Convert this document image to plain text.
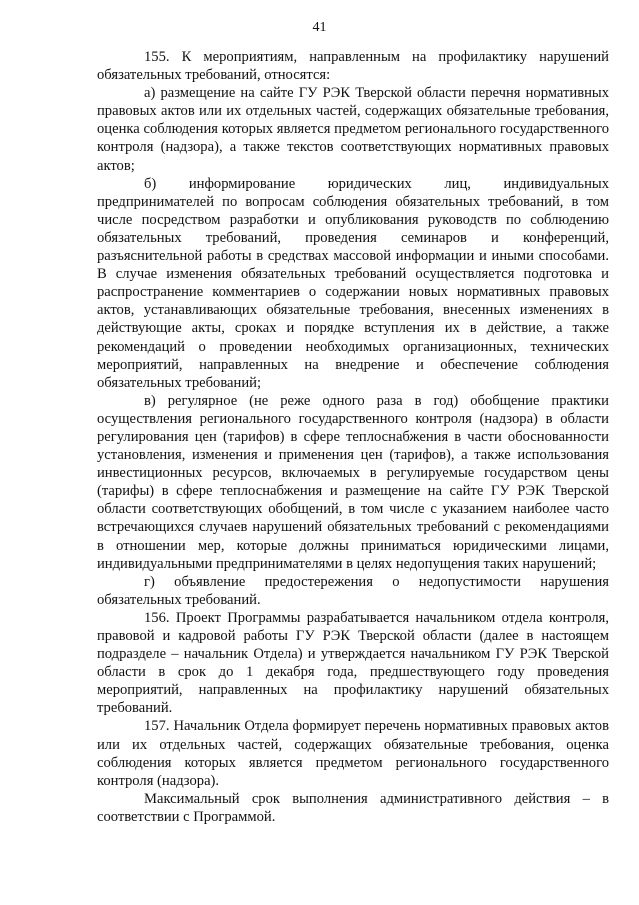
41

155. К мероприятиям, направленным на профилактику нарушений обязательных требований, относятся:

а) размещение на сайте ГУ РЭК Тверской области перечня нормативных правовых актов или их отдельных частей, содержащих обязательные требования, оценка соблюдения которых является предметом регионального государственного контроля (надзора), а также текстов соответствующих нормативных правовых актов;

б) информирование юридических лиц, индивидуальных предпринимателей по вопросам соблюдения обязательных требований, в том числе посредством разработки и опубликования руководств по соблюдению обязательных требований, проведения семинаров и конференций, разъяснительной работы в средствах массовой информации и иными способами. В случае изменения обязательных требований осуществляется подготовка и распространение комментариев о содержании новых нормативных правовых актов, устанавливающих обязательные требования, внесенных изменениях в действующие акты, сроках и порядке вступления их в действие, а также рекомендаций о проведении необходимых организационных, технических мероприятий, направленных на внедрение и обеспечение соблюдения обязательных требований;

в) регулярное (не реже одного раза в год) обобщение практики осуществления регионального государственного контроля (надзора) в области регулирования цен (тарифов) в сфере теплоснабжения в части обоснованности установления, изменения и применения цен (тарифов), а также использования инвестиционных ресурсов, включаемых в регулируемые государством цены (тарифы) в сфере теплоснабжения и размещение на сайте ГУ РЭК Тверской области соответствующих обобщений, в том числе с указанием наиболее часто встречающихся случаев нарушений обязательных требований с рекомендациями в отношении мер, которые должны приниматься юридическими лицами, индивидуальными предпринимателями в целях недопущения таких нарушений;

г) объявление предостережения о недопустимости нарушения обязательных требований.

156. Проект Программы разрабатывается начальником отдела контроля, правовой и кадровой работы ГУ РЭК Тверской области (далее в настоящем подразделе – начальник Отдела) и утверждается начальником ГУ РЭК Тверской области в срок до 1 декабря года, предшествующего году проведения мероприятий, направленных на профилактику нарушений обязательных требований.

157. Начальник Отдела формирует перечень нормативных правовых актов или их отдельных частей, содержащих обязательные требования, оценка соблюдения которых является предметом регионального государственного контроля (надзора).

Максимальный срок выполнения административного действия – в соответствии с Программой.
